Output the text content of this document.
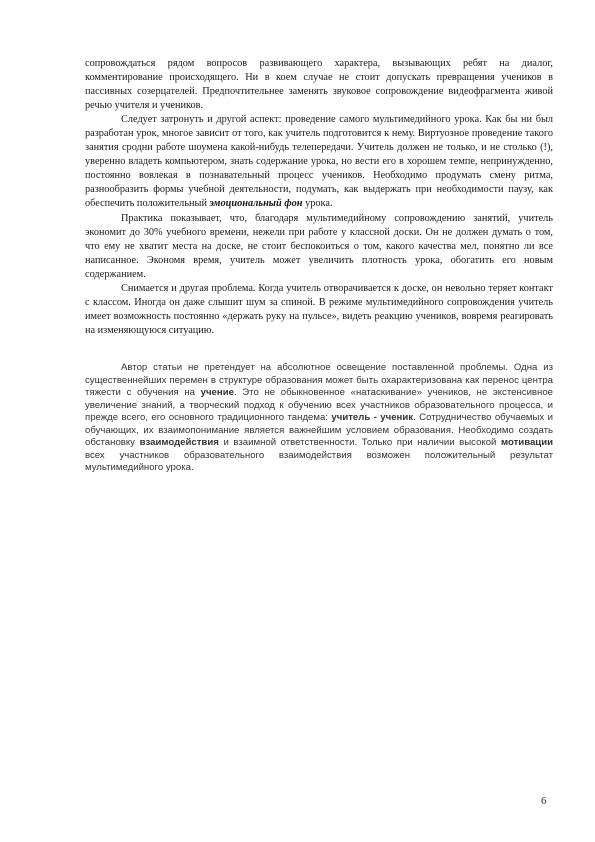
сопровождаться рядом вопросов развивающего характера, вызывающих ребят на диалог, комментирование происходящего. Ни в коем случае не стоит допускать превращения учеников в пассивных созерцателей. Предпочтительнее заменять звуковое сопровождение видеофрагмента живой речью учителя и учеников.

Следует затронуть и другой аспект: проведение самого мультимедийного урока. Как бы ни был разработан урок, многое зависит от того, как учитель подготовится к нему. Виртуозное проведение такого занятия сродни работе шоумена какой-нибудь телепередачи. Учитель должен не только, и не столько (!), уверенно владеть компьютером, знать содержание урока, но вести его в хорошем темпе, непринужденно, постоянно вовлекая в познавательный процесс учеников. Необходимо продумать смену ритма, разнообразить формы учебной деятельности, подумать, как выдержать при необходимости паузу, как обеспечить положительный эмоциональный фон урока.

Практика показывает, что, благодаря мультимедийному сопровождению занятий, учитель экономит до 30% учебного времени, нежели при работе у классной доски. Он не должен думать о том, что ему не хватит места на доске, не стоит беспокоиться о том, какого качества мел, понятно ли все написанное. Экономя время, учитель может увеличить плотность урока, обогатить его новым содержанием.

Снимается и другая проблема. Когда учитель отворачивается к доске, он невольно теряет контакт с классом. Иногда он даже слышит шум за спиной. В режиме мультимедийного сопровождения учитель имеет возможность постоянно «держать руку на пульсе», видеть реакцию учеников, вовремя реагировать на изменяющуюся ситуацию.

Автор статьи не претендует на абсолютное освещение поставленной проблемы. Одна из существеннейших перемен в структуре образования может быть охарактеризована как перенос центра тяжести с обучения на учение. Это не обыкновенное «натаскивание» учеников, не экстенсивное увеличение знаний, а творческий подход к обучению всех участников образовательного процесса, и прежде всего, его основного традиционного тандема: учитель - ученик. Сотрудничество обучаемых и обучающих, их взаимопонимание является важнейшим условием образования. Необходимо создать обстановку взаимодействия и взаимной ответственности. Только при наличии высокой мотивации всех участников образовательного взаимодействия возможен положительный результат мультимедийного урока.

6
